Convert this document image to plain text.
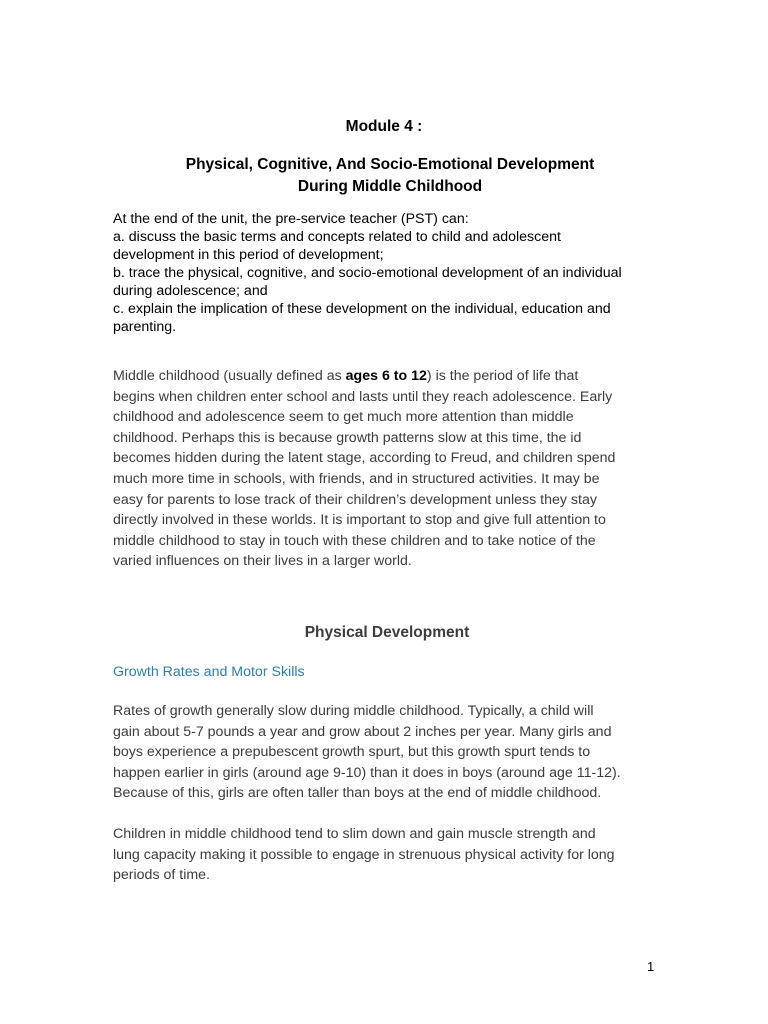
Module 4 :
Physical, Cognitive, And Socio-Emotional Development
During Middle Childhood
At the end of the unit, the pre-service teacher (PST) can:
a. discuss the basic terms and concepts related to child and adolescent
development in this period of development;
b. trace the physical, cognitive, and socio-emotional development of an individual
during adolescence; and
c. explain the implication of these development on the individual, education and
parenting.
Middle childhood (usually defined as ages 6 to 12) is the period of life that
begins when children enter school and lasts until they reach adolescence. Early
childhood and adolescence seem to get much more attention than middle
childhood. Perhaps this is because growth patterns slow at this time, the id
becomes hidden during the latent stage, according to Freud, and children spend
much more time in schools, with friends, and in structured activities. It may be
easy for parents to lose track of their children’s development unless they stay
directly involved in these worlds. It is important to stop and give full attention to
middle childhood to stay in touch with these children and to take notice of the
varied influences on their lives in a larger world.
Physical Development
Growth Rates and Motor Skills
Rates of growth generally slow during middle childhood. Typically, a child will
gain about 5-7 pounds a year and grow about 2 inches per year. Many girls and
boys experience a prepubescent growth spurt, but this growth spurt tends to
happen earlier in girls (around age 9-10) than it does in boys (around age 11-12).
Because of this, girls are often taller than boys at the end of middle childhood.
Children in middle childhood tend to slim down and gain muscle strength and
lung capacity making it possible to engage in strenuous physical activity for long
periods of time.
1
